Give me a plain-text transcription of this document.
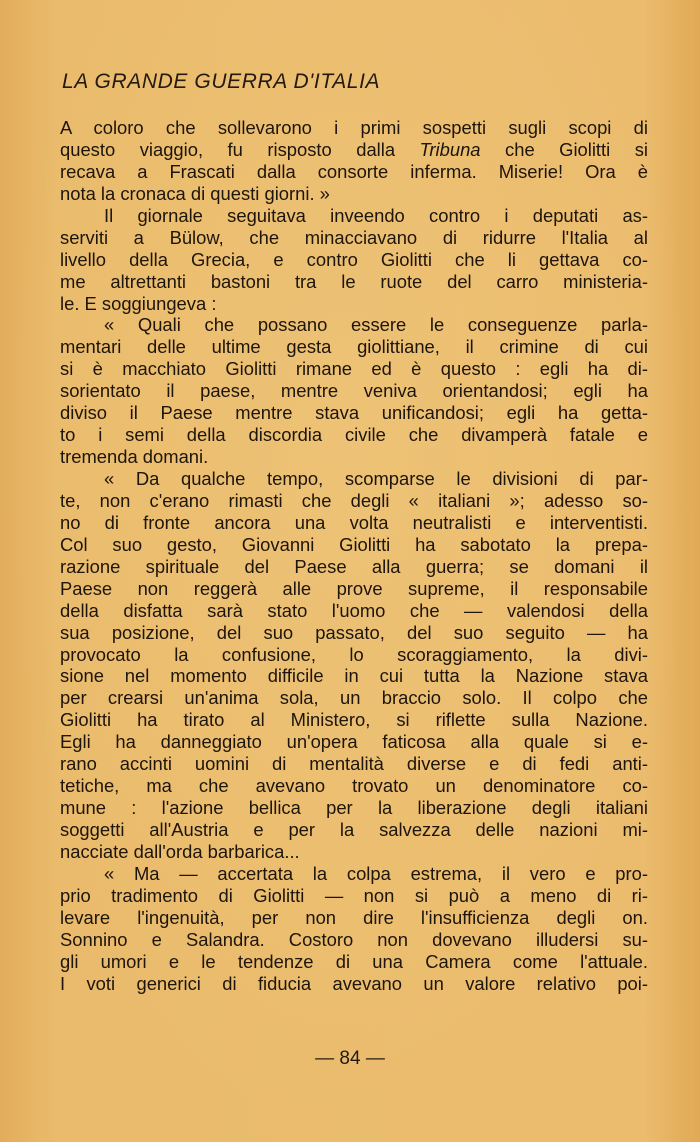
LA GRANDE GUERRA D'ITALIA
A coloro che sollevarono i primi sospetti sugli scopi di
questo viaggio, fu risposto dalla Tribuna che Giolitti si
recava a Frascati dalla consorte inferma. Miserie! Ora è
nota la cronaca di questi giorni. »
Il giornale seguitava inveendo contro i deputati as-
serviti a Bülow, che minacciavano di ridurre l'Italia al
livello della Grecia, e contro Giolitti che li gettava co-
me altrettanti bastoni tra le ruote del carro ministeria-
le. E soggiungeva :
« Quali che possano essere le conseguenze parla-
mentari delle ultime gesta giolittiane, il crimine di cui
si è macchiato Giolitti rimane ed è questo : egli ha di-
sorientato il paese, mentre veniva orientandosi; egli ha
diviso il Paese mentre stava unificandosi; egli ha getta-
to i semi della discordia civile che divamperà fatale e
tremenda domani.
« Da qualche tempo, scomparse le divisioni di par-
te, non c'erano rimasti che degli « italiani »; adesso so-
no di fronte ancora una volta neutralisti e interventisti.
Col suo gesto, Giovanni Giolitti ha sabotato la prepa-
razione spirituale del Paese alla guerra; se domani il
Paese non reggerà alle prove supreme, il responsabile
della disfatta sarà stato l'uomo che — valendosi della
sua posizione, del suo passato, del suo seguito — ha
provocato la confusione, lo scoraggiamento, la divi-
sione nel momento difficile in cui tutta la Nazione stava
per crearsi un'anima sola, un braccio solo. Il colpo che
Giolitti ha tirato al Ministero, si riflette sulla Nazione.
Egli ha danneggiato un'opera faticosa alla quale si e-
rano accinti uomini di mentalità diverse e di fedi anti-
tetiche, ma che avevano trovato un denominatore co-
mune : l'azione bellica per la liberazione degli italiani
soggetti all'Austria e per la salvezza delle nazioni mi-
nacciate dall'orda barbarica...
« Ma — accertata la colpa estrema, il vero e pro-
prio tradimento di Giolitti — non si può a meno di ri-
levare l'ingenuità, per non dire l'insufficienza degli on.
Sonnino e Salandra. Costoro non dovevano illudersi su-
gli umori e le tendenze di una Camera come l'attuale.
I voti generici di fiducia avevano un valore relativo poi-
— 84 —
